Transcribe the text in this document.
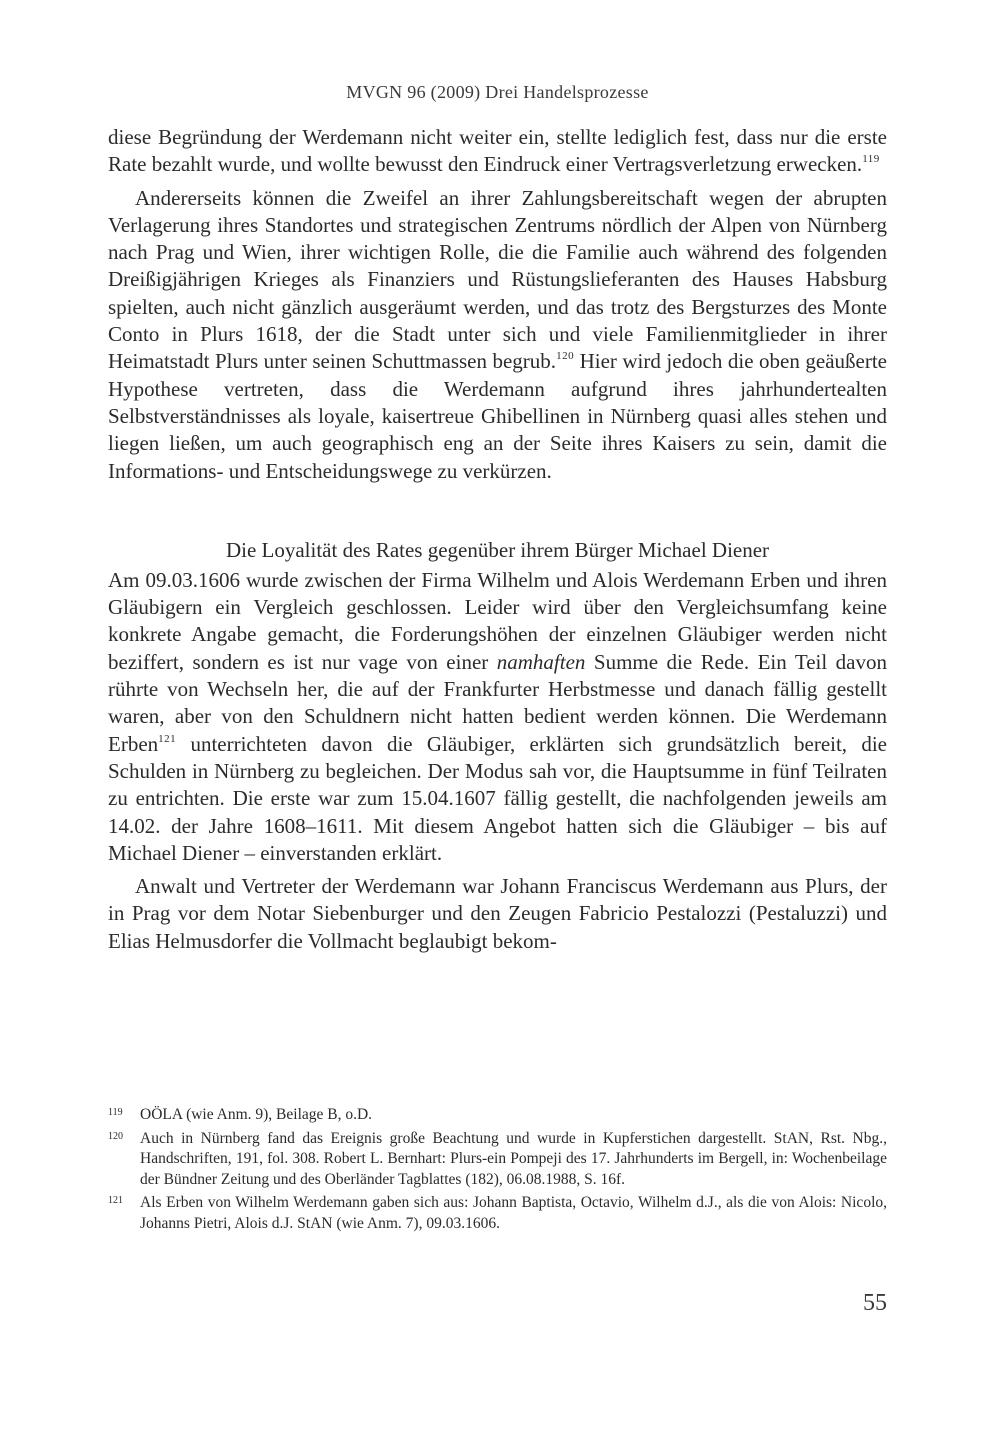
MVGN 96 (2009) Drei Handelsprozesse

diese Begründung der Werdemann nicht weiter ein, stellte lediglich fest, dass nur die erste Rate bezahlt wurde, und wollte bewusst den Eindruck einer Vertragsverletzung erwecken.$^{119}$

Andererseits können die Zweifel an ihrer Zahlungsbereitschaft wegen der abrupten Verlagerung ihres Standortes und strategischen Zentrums nördlich der Alpen von Nürnberg nach Prag und Wien, ihrer wichtigen Rolle, die die Familie auch während des folgenden Dreißigjährigen Krieges als Finanziers und Rüstungslieferanten des Hauses Habsburg spielten, auch nicht gänzlich ausgeräumt werden, und das trotz des Bergsturzes des Monte Conto in Plurs 1618, der die Stadt unter sich und viele Familienmitglieder in ihrer Heimatstadt Plurs unter seinen Schuttmassen begrub.$^{120}$ Hier wird jedoch die oben geäußerte Hypothese vertreten, dass die Werdemann aufgrund ihres jahrhundertealten Selbstverständnisses als loyale, kaisertreue Ghibellinen in Nürnberg quasi alles stehen und liegen ließen, um auch geographisch eng an der Seite ihres Kaisers zu sein, damit die Informations- und Entscheidungswege zu verkürzen.

Die Loyalität des Rates gegenüber ihrem Bürger Michael Diener

Am 09.03.1606 wurde zwischen der Firma Wilhelm und Alois Werdemann Erben und ihren Gläubigern ein Vergleich geschlossen. Leider wird über den Vergleichsumfang keine konkrete Angabe gemacht, die Forderungshöhen der einzelnen Gläubiger werden nicht beziffert, sondern es ist nur vage von einer namhaften Summe die Rede. Ein Teil davon rührte von Wechseln her, die auf der Frankfurter Herbstmesse und danach fällig gestellt waren, aber von den Schuldnern nicht hatten bedient werden können. Die Werdemann Erben$^{121}$ unterrichteten davon die Gläubiger, erklärten sich grundsätzlich bereit, die Schulden in Nürnberg zu begleichen. Der Modus sah vor, die Hauptsumme in fünf Teilraten zu entrichten. Die erste war zum 15.04.1607 fällig gestellt, die nachfolgenden jeweils am 14.02. der Jahre 1608–1611. Mit diesem Angebot hatten sich die Gläubiger – bis auf Michael Diener – einverstanden erklärt.

Anwalt und Vertreter der Werdemann war Johann Franciscus Werdemann aus Plurs, der in Prag vor dem Notar Siebenburger und den Zeugen Fabricio Pestalozzi (Pestaluzzi) und Elias Helmusdorfer die Vollmacht beglaubigt bekom-

119	OÖLA (wie Anm. 9), Beilage B, o.D.
120	Auch in Nürnberg fand das Ereignis große Beachtung und wurde in Kupferstichen dargestellt. StAN, Rst. Nbg., Handschriften, 191, fol. 308. Robert L. Bernhart: Plurs-ein Pompeji des 17. Jahrhunderts im Bergell, in: Wochenbeilage der Bündner Zeitung und des Oberländer Tagblattes (182), 06.08.1988, S. 16f.
121	Als Erben von Wilhelm Werdemann gaben sich aus: Johann Baptista, Octavio, Wilhelm d.J., als die von Alois: Nicolo, Johanns Pietri, Alois d.J. StAN (wie Anm. 7), 09.03.1606.
55
